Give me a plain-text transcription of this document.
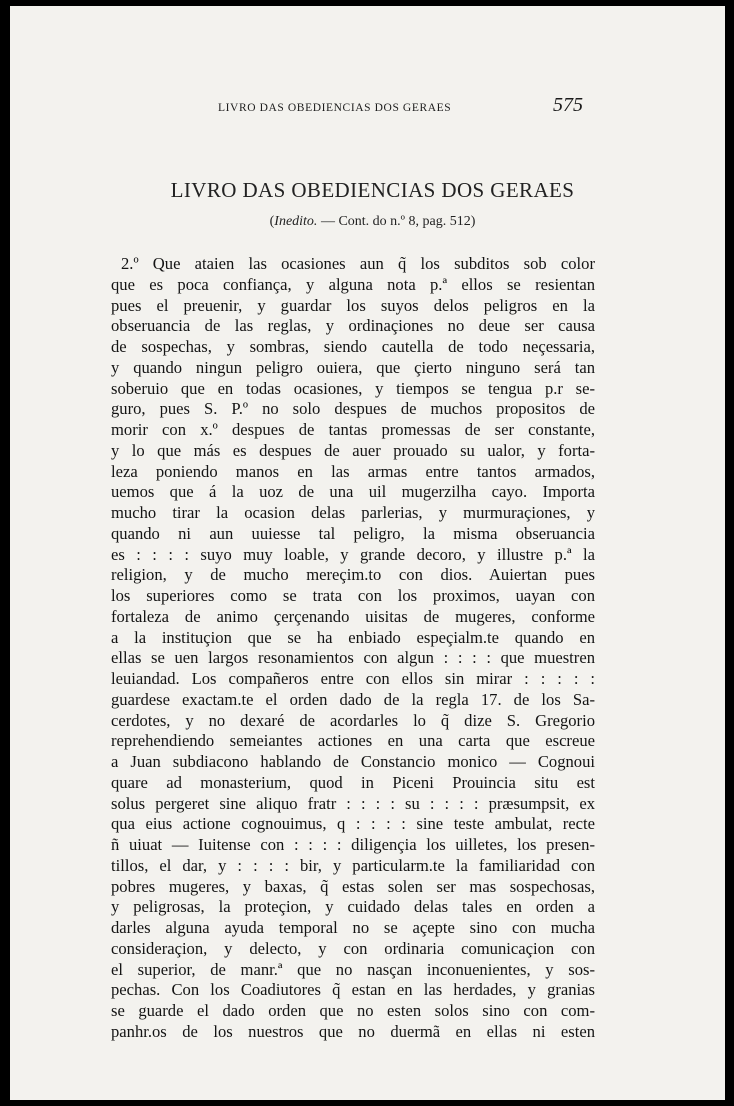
LIVRO DAS OBEDIENCIAS DOS GERAES	575
LIVRO DAS OBEDIENCIAS DOS GERAES
(Inedito. — Cont. do n.º 8, pag. 512)
2.º Que ataien las ocasiones aun q̃ los subditos sob color
que es poca confiança, y alguna nota p.ª ellos se resientan
pues el preuenir, y guardar los suyos delos peligros en la
obseruancia de las reglas, y ordinaçiones no deue ser causa
de sospechas, y sombras, siendo cautella de todo neçessaria,
y quando ningun peligro ouiera, que çierto ninguno será tan
soberuio que en todas ocasiones, y tiempos se tengua p.r se-
guro, pues S. P.º no solo despues de muchos propositos de
morir con x.º despues de tantas promessas de ser constante,
y lo que más es despues de auer prouado su ualor, y forta-
leza poniendo manos en las armas entre tantos armados,
uemos que á la uoz de una uil mugerzilha cayo. Importa
mucho tirar la ocasion delas parlerias, y murmuraçiones, y
quando ni aun uuiesse tal peligro, la misma obseruancia
es : : : : suyo muy loable, y grande decoro, y illustre p.ª la
religion, y de mucho mereçim.to con dios. Auiertan pues
los superiores como se trata con los proximos, uayan con
fortaleza de animo çerçenando uisitas de mugeres, conforme
a la instituçion que se ha enbiado espeçialm.te quando en
ellas se uen largos resonamientos con algun : : : : que muestren
leuiandad. Los compañeros entre con ellos sin mirar : : : : :
guardese exactam.te el orden dado de la regla 17. de los Sa-
cerdotes, y no dexaré de acordarles lo q̃ dize S. Gregorio
reprehendiendo semeiantes actiones en una carta que escreue
a Juan subdiacono hablando de Constancio monico — Cognoui
quare ad monasterium, quod in Piceni Prouincia situ est
solus pergeret sine aliquo fratr : : : : su : : : : præsumpsit, ex
qua eius actione cognouimus, q : : : : sine teste ambulat, recte
ñ uiuat — Iuitense con : : : : diligençia los uilletes, los presen-
tillos, el dar, y : : : : bir, y particularm.te la familiaridad con
pobres mugeres, y baxas, q̃ estas solen ser mas sospechosas,
y peligrosas, la proteçion, y cuidado delas tales en orden a
darles alguna ayuda temporal no se açepte sino con mucha
consideraçion, y delecto, y con ordinaria comunicaçion con
el superior, de manr.ª que no nasçan inconuenientes, y sos-
pechas. Con los Coadiutores q̃ estan en las herdades, y granias
se guarde el dado orden que no esten solos sino con com-
panhr.os de los nuestros que no duermã en ellas ni esten
